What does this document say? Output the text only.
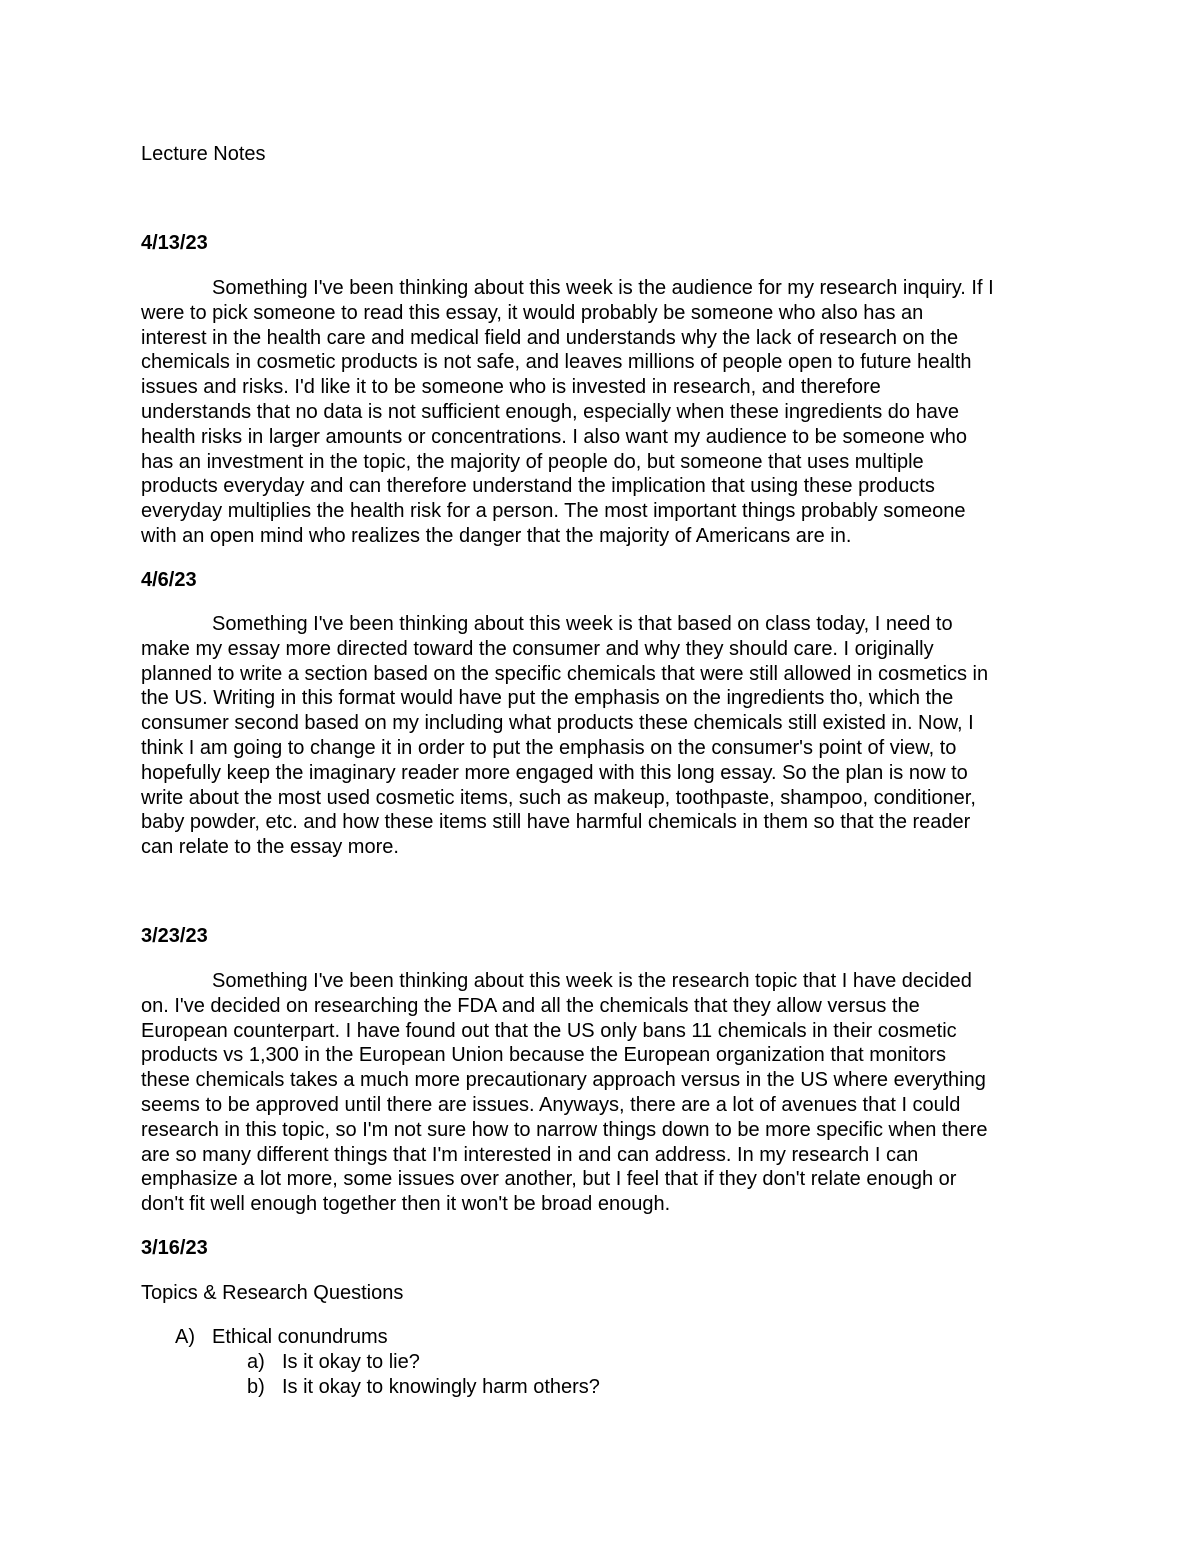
Lecture Notes
4/13/23
Something I've been thinking about this week is the audience for my research inquiry. If I
were to pick someone to read this essay, it would probably be someone who also has an
interest in the health care and medical field and understands why the lack of research on the
chemicals in cosmetic products is not safe, and leaves millions of people open to future health
issues and risks. I'd like it to be someone who is invested in research, and therefore
understands that no data is not sufficient enough, especially when these ingredients do have
health risks in larger amounts or concentrations. I also want my audience to be someone who
has an investment in the topic, the majority of people do, but someone that uses multiple
products everyday and can therefore understand the implication that using these products
everyday multiplies the health risk for a person. The most important things probably someone
with an open mind who realizes the danger that the majority of Americans are in.
4/6/23
Something I've been thinking about this week is that based on class today, I need to
make my essay more directed toward the consumer and why they should care. I originally
planned to write a section based on the specific chemicals that were still allowed in cosmetics in
the US. Writing in this format would have put the emphasis on the ingredients tho, which the
consumer second based on my including what products these chemicals still existed in. Now, I
think I am going to change it in order to put the emphasis on the consumer's point of view, to
hopefully keep the imaginary reader more engaged with this long essay. So the plan is now to
write about the most used cosmetic items, such as makeup, toothpaste, shampoo, conditioner,
baby powder, etc. and how these items still have harmful chemicals in them so that the reader
can relate to the essay more.
3/23/23
Something I've been thinking about this week is the research topic that I have decided
on. I've decided on researching the FDA and all the chemicals that they allow versus the
European counterpart. I have found out that the US only bans 11 chemicals in their cosmetic
products vs 1,300 in the European Union because the European organization that monitors
these chemicals takes a much more precautionary approach versus in the US where everything
seems to be approved until there are issues. Anyways, there are a lot of avenues that I could
research in this topic, so I'm not sure how to narrow things down to be more specific when there
are so many different things that I'm interested in and can address. In my research I can
emphasize a lot more, some issues over another, but I feel that if they don't relate enough or
don't fit well enough together then it won't be broad enough.
3/16/23
Topics & Research Questions
A) Ethical conundrums
a) Is it okay to lie?
b) Is it okay to knowingly harm others?
